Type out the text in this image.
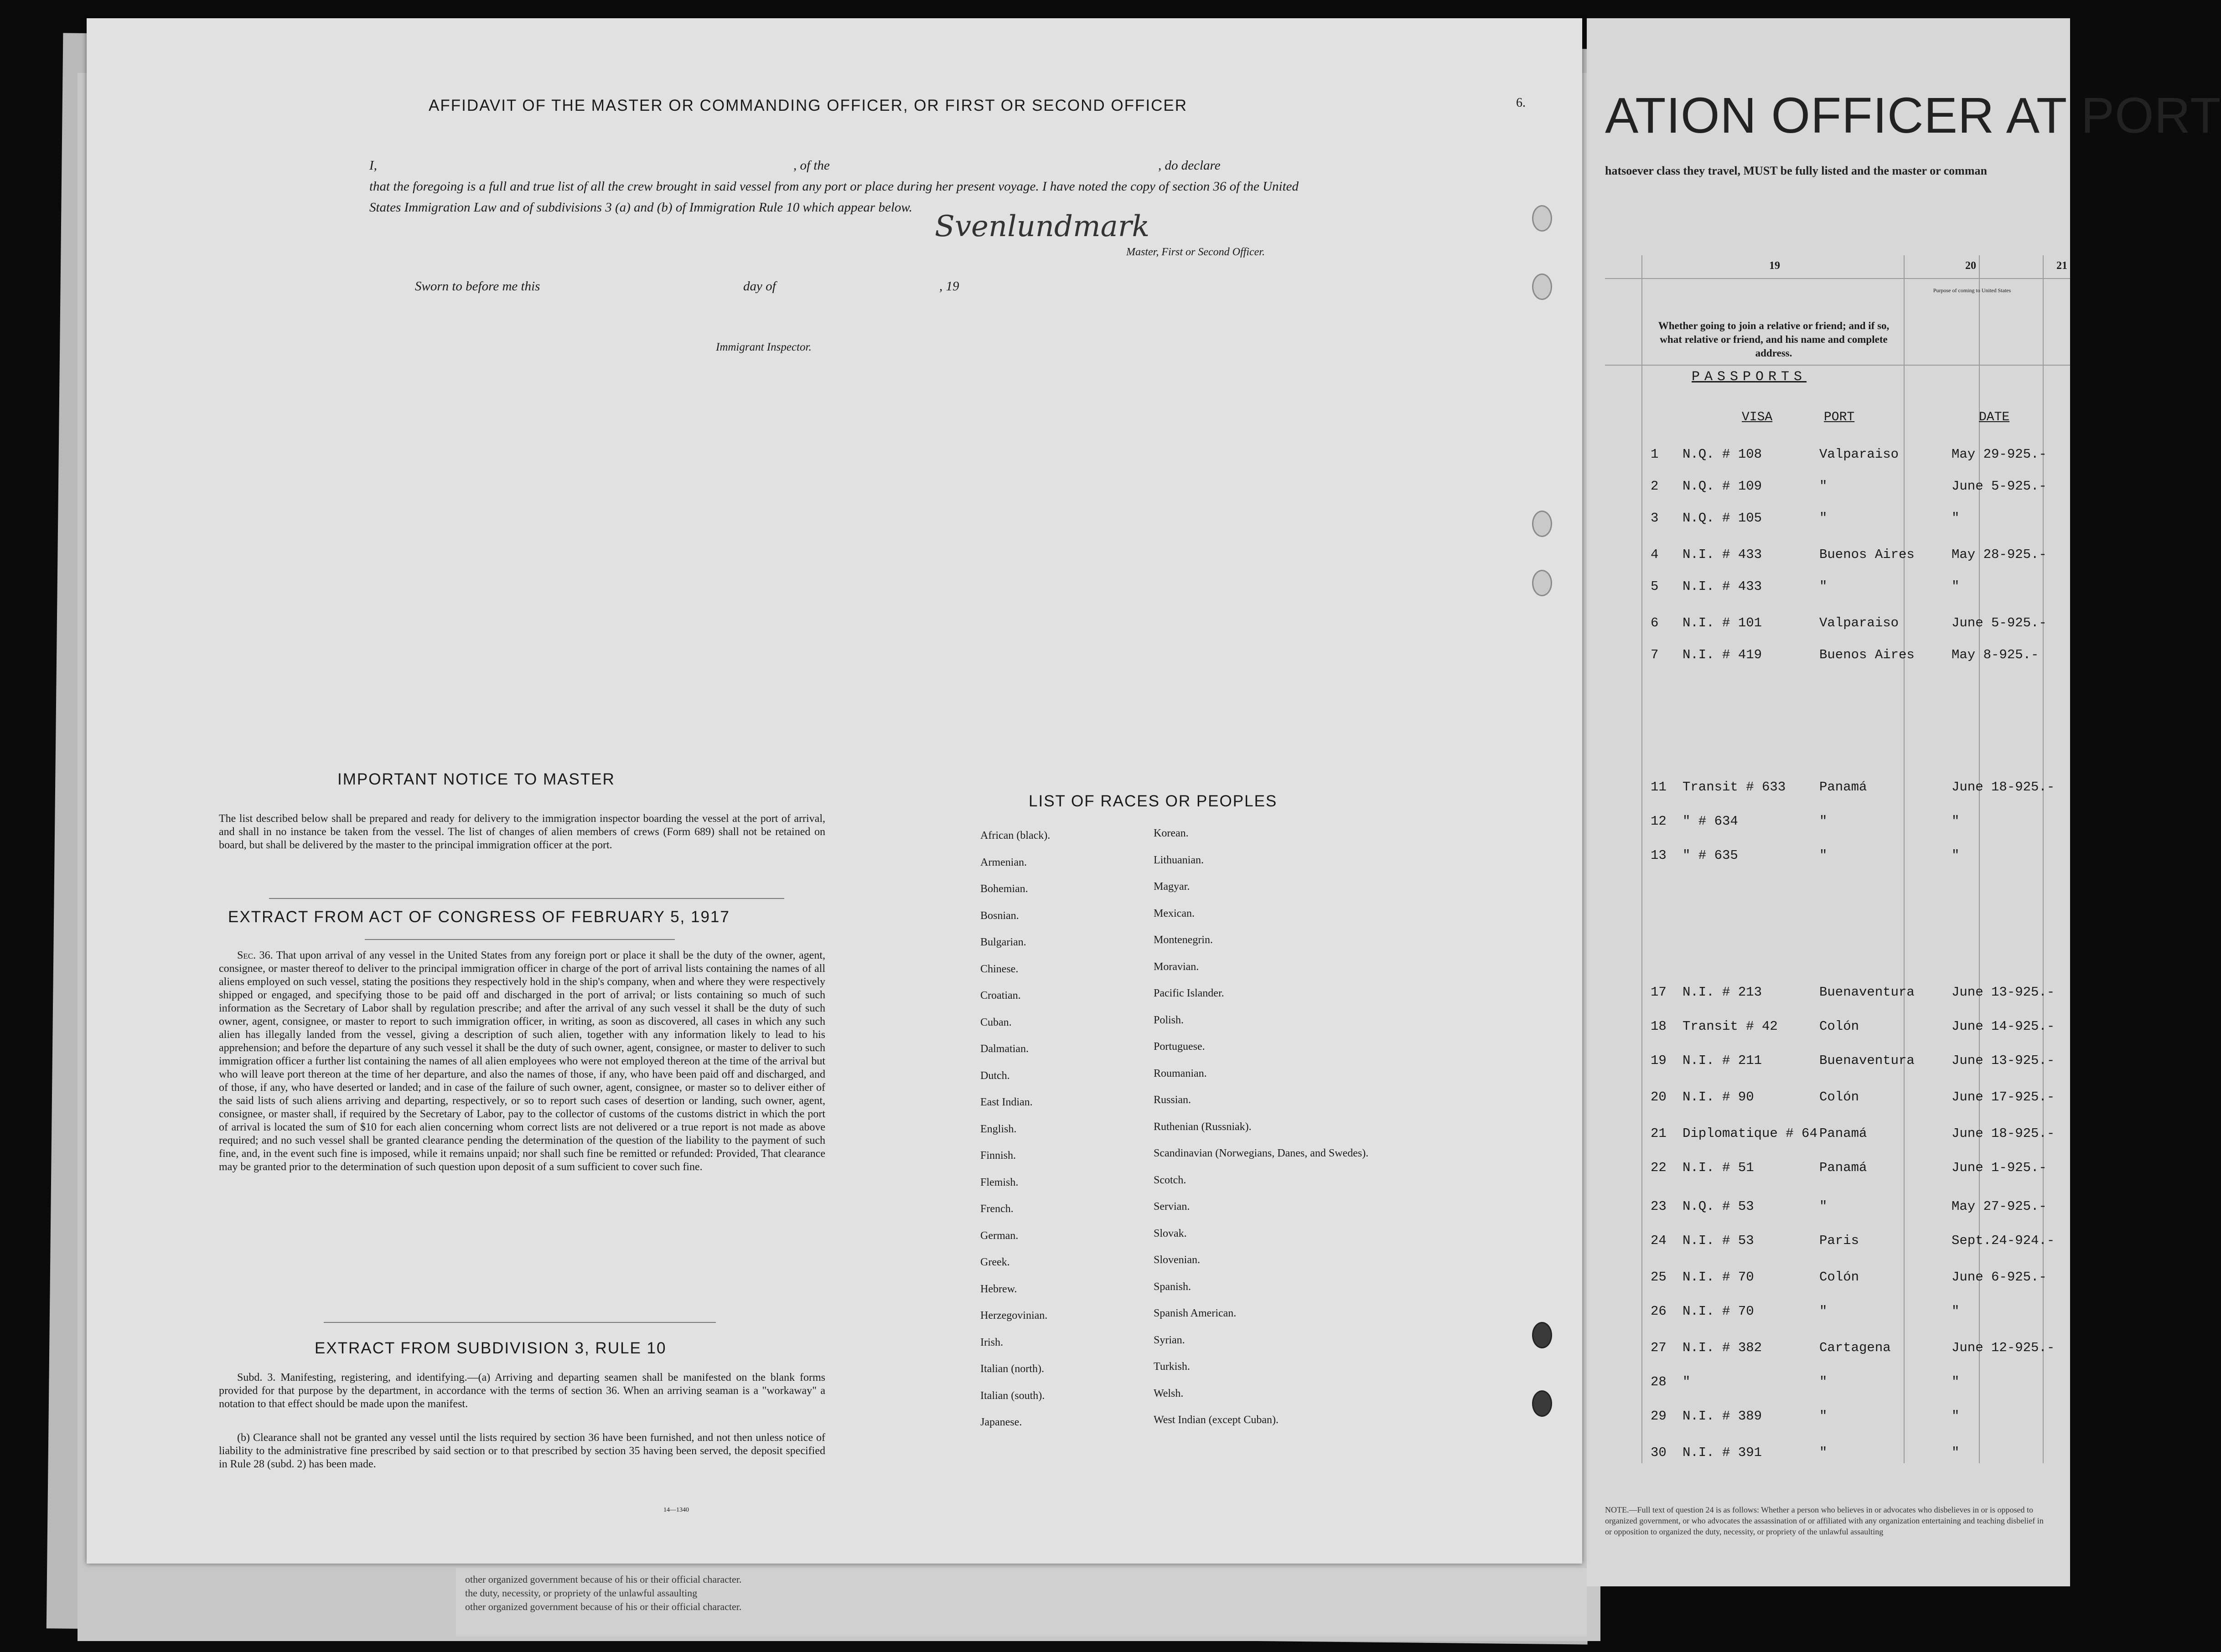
other organized government because of his or their official character.
the duty, necessity, or propriety of the unlawful assaulting
other organized government because of his or their official character.
ATION OFFICER AT PORT
hatsoever class they travel, MUST be fully listed and the master or comman
19	20	21
Whether going to join a relative or friend; and if so, what relative or friend, and his name and complete address.
Purpose of coming to United States
PASSPORTS
VISA	PORT	DATE
1 N.Q. # 108	Valparaiso	May 29-925.-
2 N.Q. # 109	"	June 5-925.-
3 N.Q. # 105	"	"
4 N.I. # 433	Buenos Aires	May 28-925.-
5 N.I. # 433	"	"
6 N.I. # 101	Valparaiso	June 5-925.-
7 N.I. # 419	Buenos Aires	May 8-925.-
11 Transit # 633	Panamá	June 18-925.-
12 " # 634	"	"
13 " # 635	"	"
17 N.I. # 213	Buenaventura	June 13-925.-
18 Transit # 42	Colón	June 14-925.-
19 N.I. # 211	Buenaventura	June 13-925.-
20 N.I. # 90	Colón	June 17-925.-
21 Diplomatique # 64 Panamá	June 18-925.-
22 N.I. # 51	Panamá	June 1-925.-
23 N.Q. # 53	"	May 27-925.-
24 N.I. # 53	Paris	Sept.24-924.-
25 N.I. # 70	Colón	June 6-925.-
26 N.I. # 70	"	"
27 N.I. # 382	Cartagena	June 12-925.-
28 "	"	"
29 N.I. # 389	"	"
30 N.I. # 391	"	"
NOTE.—Full text of question 24 is as follows: Whether a person who believes in or advocates who disbelieves in or is opposed to organized government, or who advocates the assassination of or affiliated with any organization entertaining and teaching disbelief in or opposition to organized the duty, necessity, or propriety of the unlawful assaulting
6.
AFFIDAVIT OF THE MASTER OR COMMANDING OFFICER, OR FIRST OR SECOND OFFICER
I,	, of the	, do declare
that the foregoing is a full and true list of all the crew brought in said vessel from any port or place during her present voyage. I have noted the copy of section 36 of the United States Immigration Law and of subdivisions 3 (a) and (b) of Immigration Rule 10 which appear below.
Svenlundmark
Master, First or Second Officer.
Sworn to before me this	day of	, 19
Immigrant Inspector.
IMPORTANT NOTICE TO MASTER
The list described below shall be prepared and ready for delivery to the immigration inspector boarding the vessel at the port of arrival, and shall in no instance be taken from the vessel. The list of changes of alien members of crews (Form 689) shall not be retained on board, but shall be delivered by the master to the principal immigration officer at the port.
EXTRACT FROM ACT OF CONGRESS OF FEBRUARY 5, 1917
Sec. 36. That upon arrival of any vessel in the United States from any foreign port or place it shall be the duty of the owner, agent, consignee, or master thereof to deliver to the principal immigration officer in charge of the port of arrival lists containing the names of all aliens employed on such vessel, stating the positions they respectively hold in the ship's company, when and where they were respectively shipped or engaged, and specifying those to be paid off and discharged in the port of arrival; or lists containing so much of such information as the Secretary of Labor shall by regulation prescribe; and after the arrival of any such vessel it shall be the duty of such owner, agent, consignee, or master to report to such immigration officer, in writing, as soon as discovered, all cases in which any such alien has illegally landed from the vessel, giving a description of such alien, together with any information likely to lead to his apprehension; and before the departure of any such vessel it shall be the duty of such owner, agent, consignee, or master to deliver to such immigration officer a further list containing the names of all alien employees who were not employed thereon at the time of the arrival but who will leave port thereon at the time of her departure, and also the names of those, if any, who have been paid off and discharged, and of those, if any, who have deserted or landed; and in case of the failure of such owner, agent, consignee, or master so to deliver either of the said lists of such aliens arriving and departing, respectively, or so to report such cases of desertion or landing, such owner, agent, consignee, or master shall, if required by the Secretary of Labor, pay to the collector of customs of the customs district in which the port of arrival is located the sum of $10 for each alien concerning whom correct lists are not delivered or a true report is not made as above required; and no such vessel shall be granted clearance pending the determination of the question of the liability to the payment of such fine, and, in the event such fine is imposed, while it remains unpaid; nor shall such fine be remitted or refunded: Provided, That clearance may be granted prior to the determination of such question upon deposit of a sum sufficient to cover such fine.
EXTRACT FROM SUBDIVISION 3, RULE 10
Subd. 3. Manifesting, registering, and identifying.—(a) Arriving and departing seamen shall be manifested on the blank forms provided for that purpose by the department, in accordance with the terms of section 36. When an arriving seaman is a "workaway" a notation to that effect should be made upon the manifest.
(b) Clearance shall not be granted any vessel until the lists required by section 36 have been furnished, and not then unless notice of liability to the administrative fine prescribed by said section or to that prescribed by section 35 having been served, the deposit specified in Rule 28 (subd. 2) has been made.
14—1340
LIST OF RACES OR PEOPLES
African (black).
Armenian.
Bohemian.
Bosnian.
Bulgarian.
Chinese.
Croatian.
Cuban.
Dalmatian.
Dutch.
East Indian.
English.
Finnish.
Flemish.
French.
German.
Greek.
Hebrew.
Herzegovinian.
Irish.
Italian (north).
Italian (south).
Japanese.
Korean.
Lithuanian.
Magyar.
Mexican.
Montenegrin.
Moravian.
Pacific Islander.
Polish.
Portuguese.
Roumanian.
Russian.
Ruthenian (Russniak).
Scandinavian (Norwegians, Danes, and Swedes).
Scotch.
Servian.
Slovak.
Slovenian.
Spanish.
Spanish American.
Syrian.
Turkish.
Welsh.
West Indian (except Cuban).
